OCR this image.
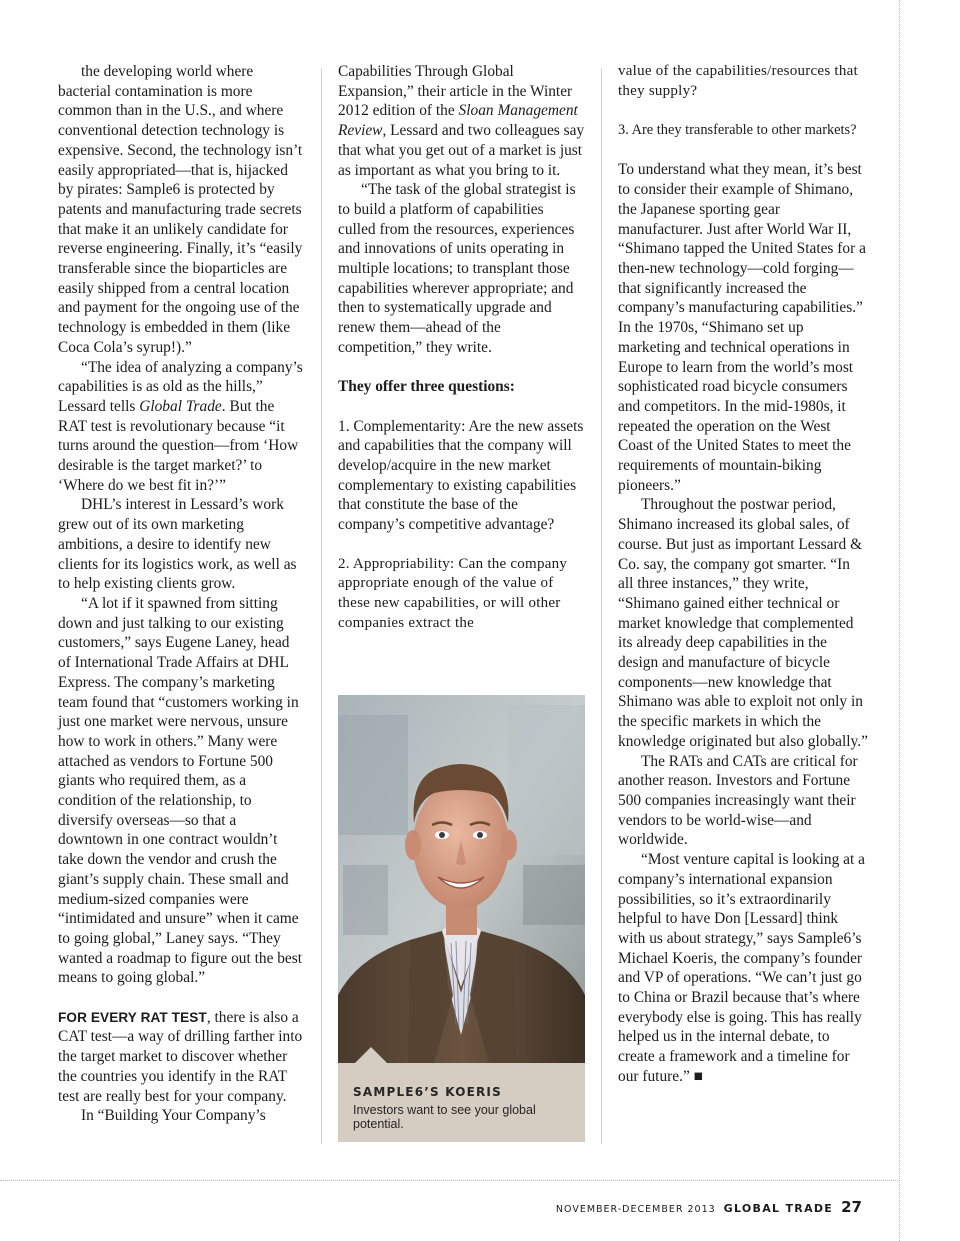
the developing world where bacterial contamination is more common than in the U.S., and where conventional detection technology is expensive. Second, the technology isn’t easily appropriated—that is, hijacked by pirates: Sample6 is protected by patents and manufacturing trade secrets that make it an unlikely candidate for reverse engineering. Finally, it’s “easily transferable since the bioparticles are easily shipped from a central location and payment for the ongoing use of the technology is embedded in them (like Coca Cola’s syrup!).”

“The idea of analyzing a company’s capabilities is as old as the hills,” Lessard tells Global Trade. But the RAT test is revolutionary because “it turns around the question—from ‘How desirable is the target market?’ to ‘Where do we best fit in?’”

DHL’s interest in Lessard’s work grew out of its own marketing ambitions, a desire to identify new clients for its logistics work, as well as to help existing clients grow.

“A lot if it spawned from sitting down and just talking to our existing customers,” says Eugene Laney, head of International Trade Affairs at DHL Express. The company’s marketing team found that “customers working in just one market were nervous, unsure how to work in others.” Many were attached as vendors to Fortune 500 giants who required them, as a condition of the relationship, to diversify overseas—so that a downtown in one contract wouldn’t take down the vendor and crush the giant’s supply chain. These small and medium-sized companies were “intimidated and unsure” when it came to going global,” Laney says. “They wanted a roadmap to figure out the best means to going global.”

FOR EVERY RAT TEST, there is also a CAT test—a way of drilling farther into the target market to discover whether the countries you identify in the RAT test are really best for your company.

In “Building Your Company’s

Capabilities Through Global Expansion,” their article in the Winter 2012 edition of the Sloan Management Review, Lessard and two colleagues say that what you get out of a market is just as important as what you bring to it.

“The task of the global strategist is to build a platform of capabilities culled from the resources, experiences and innovations of units operating in multiple locations; to transplant those capabilities wherever appropriate; and then to systematically upgrade and renew them—ahead of the competition,” they write.

They offer three questions:

1. Complementarity: Are the new assets and capabilities that the company will develop/acquire in the new market complementary to existing capabilities that constitute the base of the company’s competitive advantage?

2. Appropriability: Can the company appropriate enough of the value of these new capabilities, or will other companies extract the

SAMPLE6’S KOERIS
Investors want to see your global potential.

value of the capabilities/resources that they supply?

3. Are they transferable to other markets?

To understand what they mean, it’s best to consider their example of Shimano, the Japanese sporting gear manufacturer. Just after World War II, “Shimano tapped the United States for a then-new technology—cold forging—that significantly increased the company’s manufacturing capabilities.” In the 1970s, “Shimano set up marketing and technical operations in Europe to learn from the world’s most sophisticated road bicycle consumers and competitors. In the mid-1980s, it repeated the operation on the West Coast of the United States to meet the requirements of mountain-biking pioneers.”

Throughout the postwar period, Shimano increased its global sales, of course. But just as important Lessard & Co. say, the company got smarter. “In all three instances,” they write, “Shimano gained either technical or market knowledge that complemented its already deep capabilities in the design and manufacture of bicycle components—new knowledge that Shimano was able to exploit not only in the specific markets in which the knowledge originated but also globally.”

The RATs and CATs are critical for another reason. Investors and Fortune 500 companies increasingly want their vendors to be world-wise—and worldwide.

“Most venture capital is looking at a company’s international expansion possibilities, so it’s extraordinarily helpful to have Don [Lessard] think with us about strategy,” says Sample6’s Michael Koeris, the company’s founder and VP of operations. “We can’t just go to China or Brazil because that’s where everybody else is going. This has really helped us in the internal debate, to create a framework and a timeline for our future.” ■

NOVEMBER-DECEMBER 2013 GLOBAL TRADE 27
